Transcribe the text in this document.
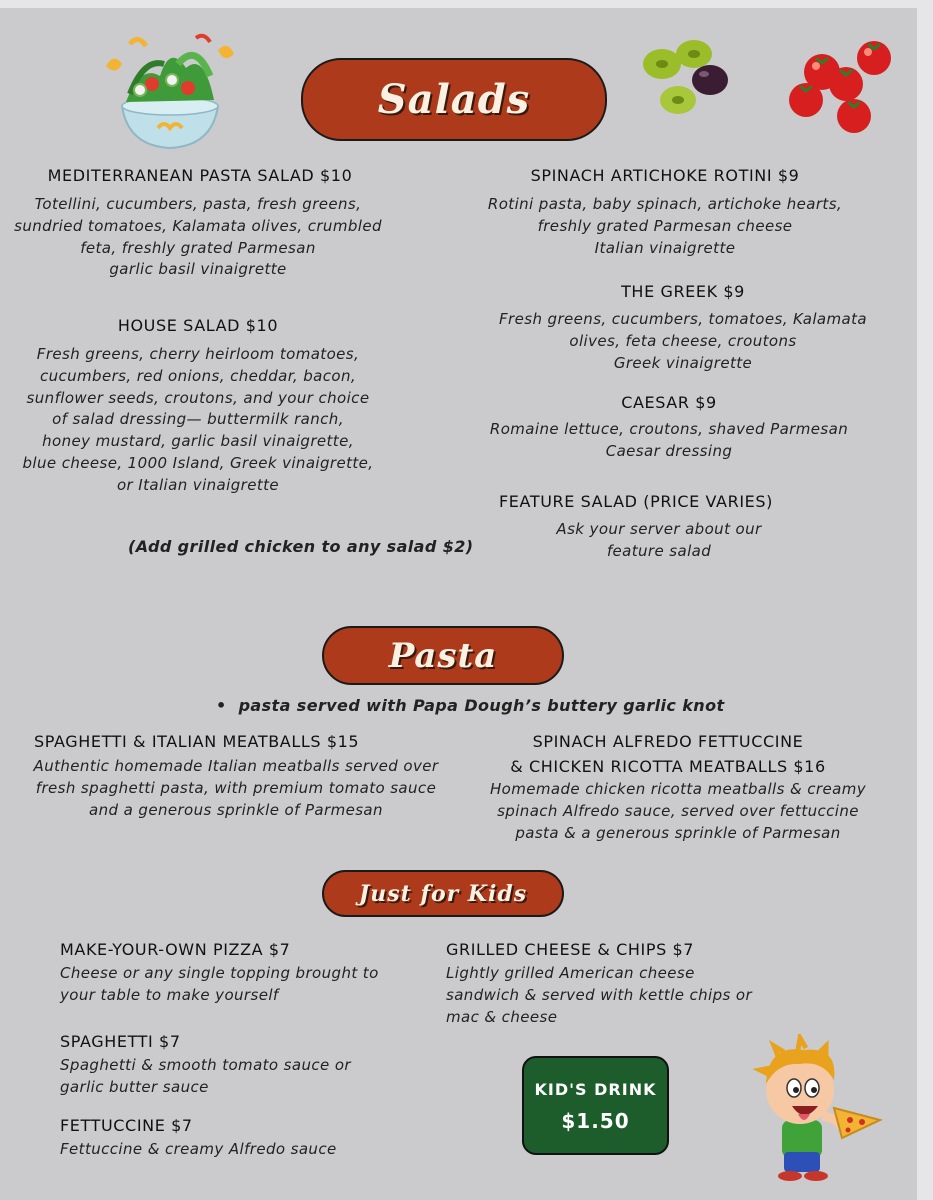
Salads
MEDITERRANEAN PASTA SALAD $10
Totellini, cucumbers, pasta, fresh greens,
sundried tomatoes, Kalamata olives, crumbled
feta, freshly grated Parmesan
garlic basil vinaigrette
HOUSE SALAD $10
Fresh greens, cherry heirloom tomatoes,
cucumbers, red onions, cheddar, bacon,
sunflower seeds, croutons, and your choice
of salad dressing— buttermilk ranch,
honey mustard, garlic basil vinaigrette,
blue cheese, 1000 Island, Greek vinaigrette,
or Italian vinaigrette
(Add grilled chicken to any salad $2)
SPINACH ARTICHOKE ROTINI $9
Rotini pasta, baby spinach, artichoke hearts,
freshly grated Parmesan cheese
Italian vinaigrette
THE GREEK $9
Fresh greens, cucumbers, tomatoes, Kalamata
olives, feta cheese, croutons
Greek vinaigrette
CAESAR $9
Romaine lettuce, croutons, shaved Parmesan
Caesar dressing
FEATURE SALAD (PRICE VARIES)
Ask your server about our
feature salad
Pasta
•  pasta served with Papa Dough’s buttery garlic knot
SPAGHETTI & ITALIAN MEATBALLS $15
Authentic homemade Italian meatballs served over
fresh spaghetti pasta, with premium tomato sauce
and a generous sprinkle of Parmesan
SPINACH ALFREDO FETTUCCINE
& CHICKEN RICOTTA MEATBALLS $16
Homemade chicken ricotta meatballs & creamy
spinach Alfredo sauce, served over fettuccine
pasta & a generous sprinkle of Parmesan
Just for Kids
MAKE-YOUR-OWN PIZZA $7
Cheese or any single topping brought to
your table to make yourself
SPAGHETTI $7
Spaghetti & smooth tomato sauce or
garlic butter sauce
FETTUCCINE $7
Fettuccine & creamy Alfredo sauce
GRILLED CHEESE & CHIPS $7
Lightly grilled American cheese
sandwich & served with kettle chips or
mac & cheese
KID'S DRINK
$1.50
